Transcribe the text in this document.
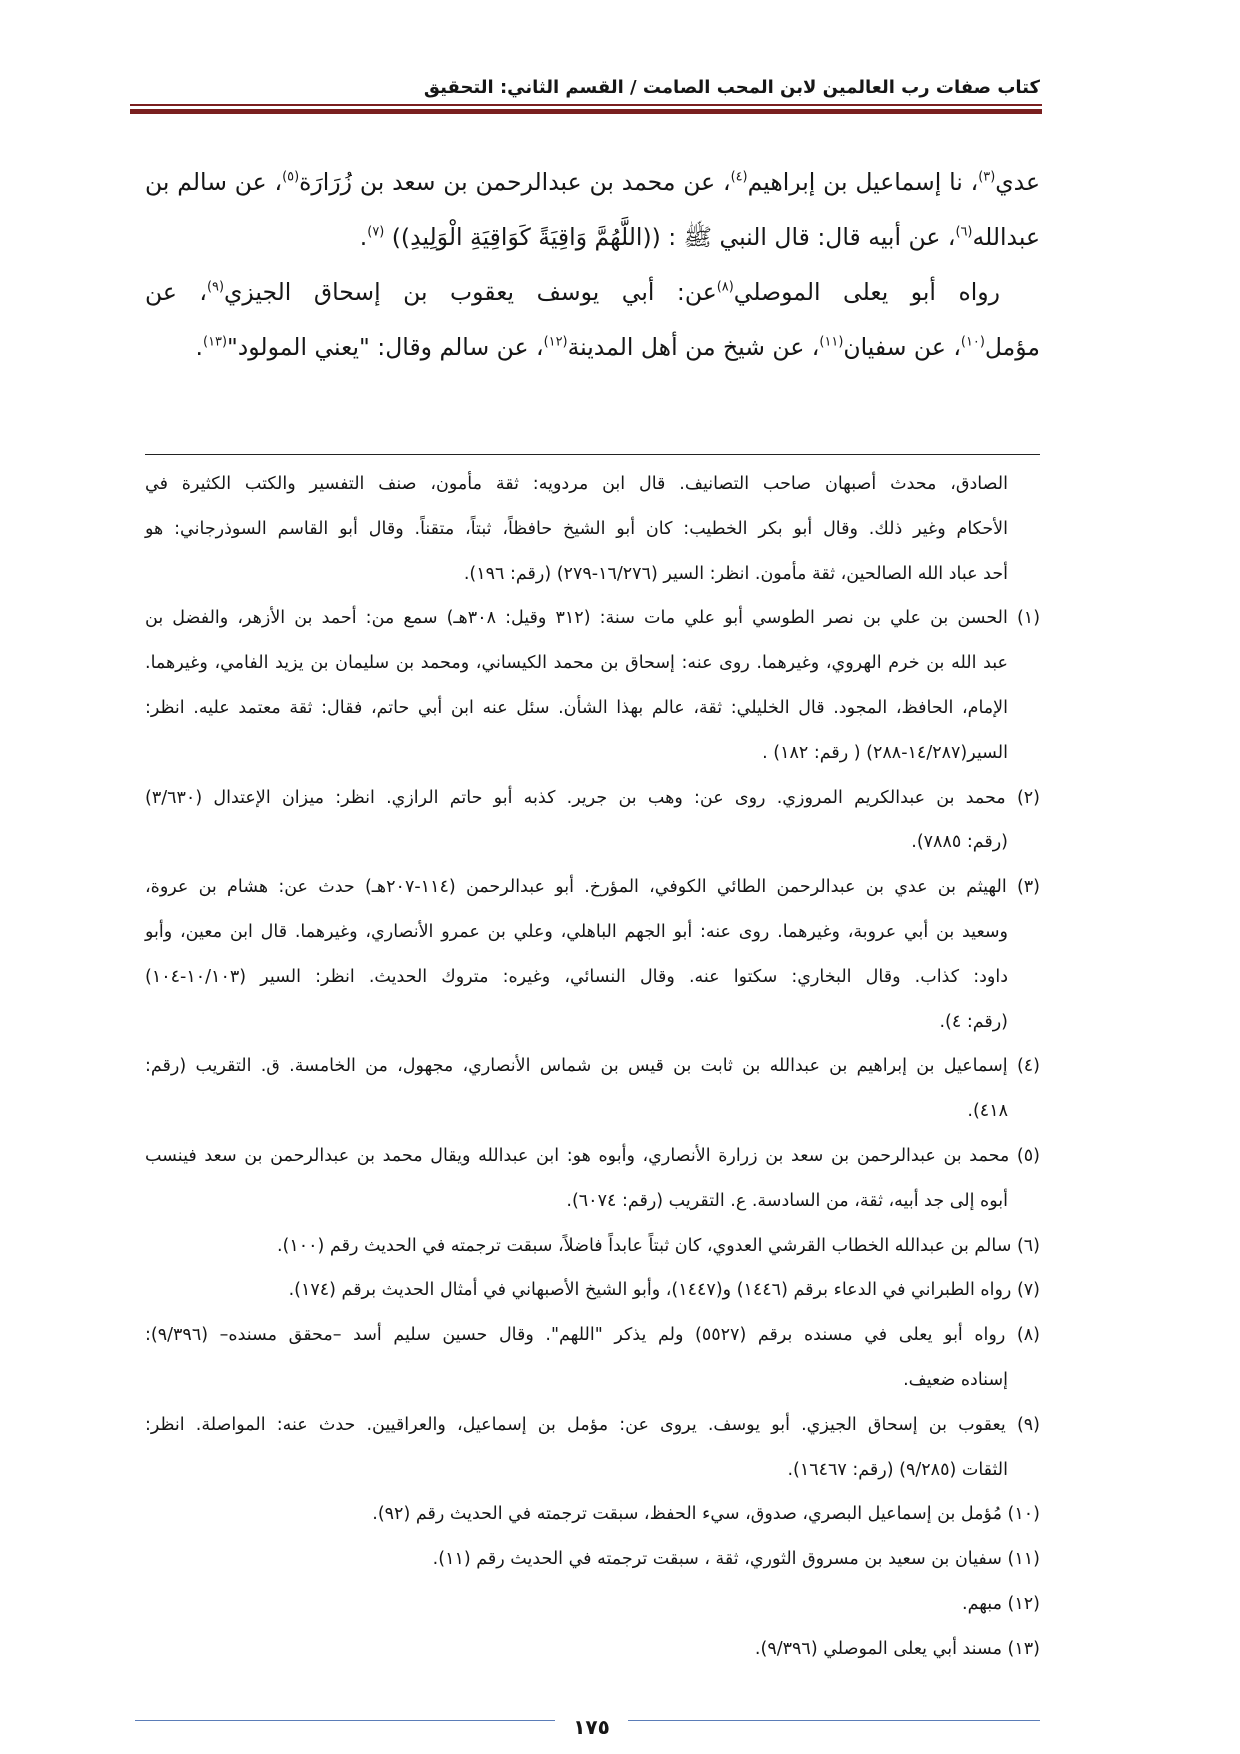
كتاب صفات رب العالمين لابن المحب الصامت / القسم الثاني: التحقيق
عدي$^{(٣)}$، نا إسماعيل بن إبراهيم$^{(٤)}$، عن محمد بن عبدالرحمن بن سعد بن زُرَارَة$^{(٥)}$، عن سالم بن
عبدالله$^{(٦)}$، عن أبيه قال: قال النبي ﷺ : ((اللَّهُمَّ وَاقِيَةً كَوَاقِيَةِ الْوَلِيدِ)) $^{(٧)}$.
رواه أبو يعلى الموصلي$^{(٨)}$عن: أبي يوسف يعقوب بن إسحاق الجيزي$^{(٩)}$، عن
مؤمل$^{(١٠)}$، عن سفيان$^{(١١)}$، عن شيخ من أهل المدينة$^{(١٢)}$، عن سالم وقال: "يعني المولود"$^{(١٣)}$.
الصادق، محدث أصبهان صاحب التصانيف. قال ابن مردويه: ثقة مأمون، صنف التفسير والكتب الكثيرة في
الأحكام وغير ذلك. وقال أبو بكر الخطيب: كان أبو الشيخ حافظاً، ثبتاً، متقناً. وقال أبو القاسم السوذرجاني: هو
أحد عباد الله الصالحين، ثقة مأمون. انظر: السير (١٦/٢٧٦-٢٧٩) (رقم: ١٩٦).
(١) الحسن بن علي بن نصر الطوسي أبو علي مات سنة: (٣١٢ وقيل: ٣٠٨هـ) سمع من: أحمد بن الأزهر، والفضل بن
عبد الله بن خرم الهروي، وغيرهما. روى عنه: إسحاق بن محمد الكيساني، ومحمد بن سليمان بن يزيد الفامي، وغيرهما.
الإمام، الحافظ، المجود. قال الخليلي: ثقة، عالم بهذا الشأن. سئل عنه ابن أبي حاتم، فقال: ثقة معتمد عليه. انظر:
السير(١٤/٢٨٧-٢٨٨) ( رقم: ١٨٢) .
(٢) محمد بن عبدالكريم المروزي. روى عن: وهب بن جرير. كذبه أبو حاتم الرازي. انظر: ميزان الإعتدال (٣/٦٣٠)
(رقم: ٧٨٨٥).
(٣) الهيثم بن عدي بن عبدالرحمن الطائي الكوفي، المؤرخ. أبو عبدالرحمن (١١٤-٢٠٧هـ) حدث عن: هشام بن عروة،
وسعيد بن أبي عروبة، وغيرهما. روى عنه: أبو الجهم الباهلي، وعلي بن عمرو الأنصاري، وغيرهما. قال ابن معين، وأبو
داود: كذاب. وقال البخاري: سكتوا عنه. وقال النسائي، وغيره: متروك الحديث. انظر: السير (١٠/١٠٣-١٠٤)
(رقم: ٤).
(٤) إسماعيل بن إبراهيم بن عبدالله بن ثابت بن قيس بن شماس الأنصاري، مجهول، من الخامسة. ق. التقريب (رقم:
٤١٨).
(٥) محمد بن عبدالرحمن بن سعد بن زرارة الأنصاري، وأبوه هو: ابن عبدالله ويقال محمد بن عبدالرحمن بن سعد فينسب
أبوه إلى جد أبيه، ثقة، من السادسة. ع. التقريب (رقم: ٦٠٧٤).
(٦) سالم بن عبدالله الخطاب القرشي العدوي، كان ثبتاً عابداً فاضلاً، سبقت ترجمته في الحديث رقم (١٠٠).
(٧) رواه الطبراني في الدعاء برقم (١٤٤٦) و(١٤٤٧)، وأبو الشيخ الأصبهاني في أمثال الحديث برقم (١٧٤).
(٨) رواه أبو يعلى في مسنده برقم (٥٥٢٧) ولم يذكر "اللهم". وقال حسين سليم أسد –محقق مسنده– (٩/٣٩٦):
إسناده ضعيف.
(٩) يعقوب بن إسحاق الجيزي. أبو يوسف. يروى عن: مؤمل بن إسماعيل، والعراقيين. حدث عنه: المواصلة. انظر:
الثقات (٩/٢٨٥) (رقم: ١٦٤٦٧).
(١٠) مُؤمل بن إسماعيل البصري، صدوق، سيء الحفظ، سبقت ترجمته في الحديث رقم (٩٢).
(١١) سفيان بن سعيد بن مسروق الثوري، ثقة ، سبقت ترجمته في الحديث رقم (١١).
(١٢) مبهم.
(١٣) مسند أبي يعلى الموصلي (٩/٣٩٦).
١٧٥
